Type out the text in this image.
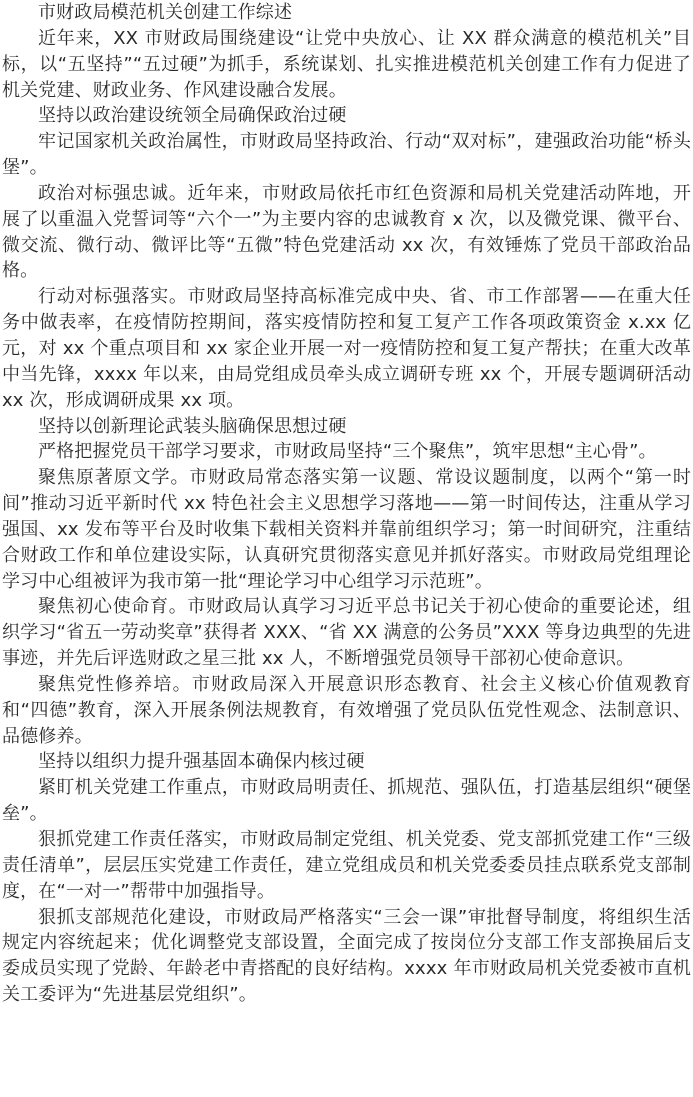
市财政局模范机关创建工作综述

近年来，XX 市财政局围绕建设“让党中央放心、让 XX 群众满意的模范机关”目标，以“五坚持”“五过硬”为抓手，系统谋划、扎实推进模范机关创建工作有力促进了机关党建、财政业务、作风建设融合发展。

坚持以政治建设统领全局确保政治过硬

牢记国家机关政治属性，市财政局坚持政治、行动“双对标”，建强政治功能“桥头堡”。

政治对标强忠诚。近年来，市财政局依托市红色资源和局机关党建活动阵地，开展了以重温入党誓词等“六个一”为主要内容的忠诚教育 x 次，以及微党课、微平台、微交流、微行动、微评比等“五微”特色党建活动 xx 次，有效锤炼了党员干部政治品格。

行动对标强落实。市财政局坚持高标准完成中央、省、市工作部署——在重大任务中做表率，在疫情防控期间，落实疫情防控和复工复产工作各项政策资金 x.xx 亿元，对 xx 个重点项目和 xx 家企业开展一对一疫情防控和复工复产帮扶；在重大改革中当先锋，xxxx 年以来，由局党组成员牵头成立调研专班 xx 个，开展专题调研活动 xx 次，形成调研成果 xx 项。

坚持以创新理论武装头脑确保思想过硬

严格把握党员干部学习要求，市财政局坚持“三个聚焦”，筑牢思想“主心骨”。

聚焦原著原文学。市财政局常态落实第一议题、常设议题制度，以两个“第一时间”推动习近平新时代 xx 特色社会主义思想学习落地——第一时间传达，注重从学习强国、xx 发布等平台及时收集下载相关资料并靠前组织学习；第一时间研究，注重结合财政工作和单位建设实际，认真研究贯彻落实意见并抓好落实。市财政局党组理论学习中心组被评为我市第一批“理论学习中心组学习示范班”。

聚焦初心使命育。市财政局认真学习习近平总书记关于初心使命的重要论述，组织学习“省五一劳动奖章”获得者 XXX、“省 XX 满意的公务员”XXX 等身边典型的先进事迹，并先后评选财政之星三批 xx 人，不断增强党员领导干部初心使命意识。

聚焦党性修养培。市财政局深入开展意识形态教育、社会主义核心价值观教育和“四德”教育，深入开展条例法规教育，有效增强了党员队伍党性观念、法制意识、品德修养。

坚持以组织力提升强基固本确保内核过硬

紧盯机关党建工作重点，市财政局明责任、抓规范、强队伍，打造基层组织“硬堡垒”。

狠抓党建工作责任落实，市财政局制定党组、机关党委、党支部抓党建工作“三级责任清单”，层层压实党建工作责任，建立党组成员和机关党委委员挂点联系党支部制度，在“一对一”帮带中加强指导。

狠抓支部规范化建设，市财政局严格落实“三会一课”审批督导制度，将组织生活规定内容统起来；优化调整党支部设置，全面完成了按岗位分支部工作支部换届后支委成员实现了党龄、年龄老中青搭配的良好结构。xxxx 年市财政局机关党委被市直机关工委评为“先进基层党组织”。
